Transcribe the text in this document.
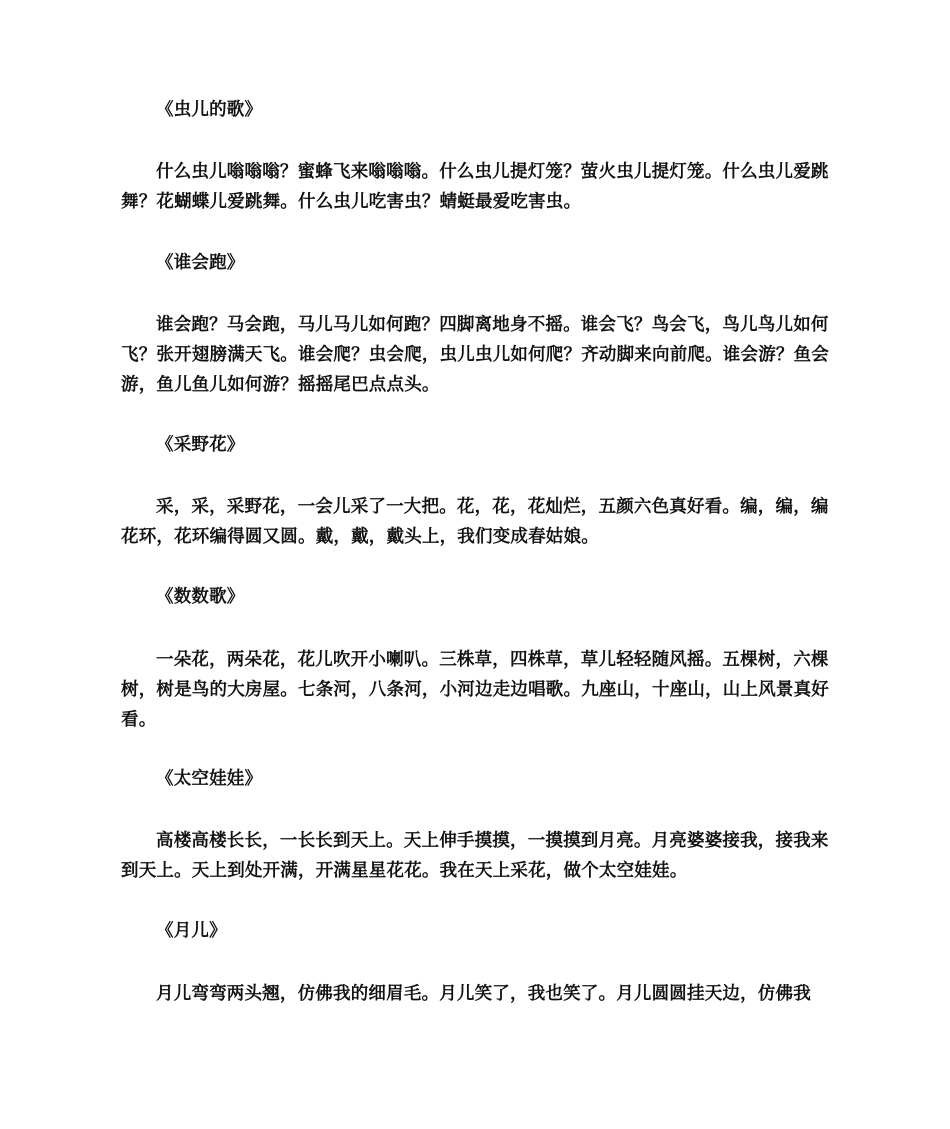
《虫儿的歌》

什么虫儿嗡嗡嗡？蜜蜂飞来嗡嗡嗡。什么虫儿提灯笼？萤火虫儿提灯笼。什么虫儿爱跳舞？花蝴蝶儿爱跳舞。什么虫儿吃害虫？蜻蜓最爱吃害虫。

《谁会跑》

谁会跑？马会跑，马儿马儿如何跑？四脚离地身不摇。谁会飞？鸟会飞，鸟儿鸟儿如何飞？张开翅膀满天飞。谁会爬？虫会爬，虫儿虫儿如何爬？齐动脚来向前爬。谁会游？鱼会游，鱼儿鱼儿如何游？摇摇尾巴点点头。

《采野花》

采，采，采野花，一会儿采了一大把。花，花，花灿烂，五颜六色真好看。编，编，编花环，花环编得圆又圆。戴，戴，戴头上，我们变成春姑娘。

《数数歌》

一朵花，两朵花，花儿吹开小喇叭。三株草，四株草，草儿轻轻随风摇。五棵树，六棵树，树是鸟的大房屋。七条河，八条河，小河边走边唱歌。九座山，十座山，山上风景真好看。

《太空娃娃》

高楼高楼长长，一长长到天上。天上伸手摸摸，一摸摸到月亮。月亮婆婆接我，接我来到天上。天上到处开满，开满星星花花。我在天上采花，做个太空娃娃。

《月儿》

月儿弯弯两头翘，仿佛我的细眉毛。月儿笑了，我也笑了。月儿圆圆挂天边，仿佛我
